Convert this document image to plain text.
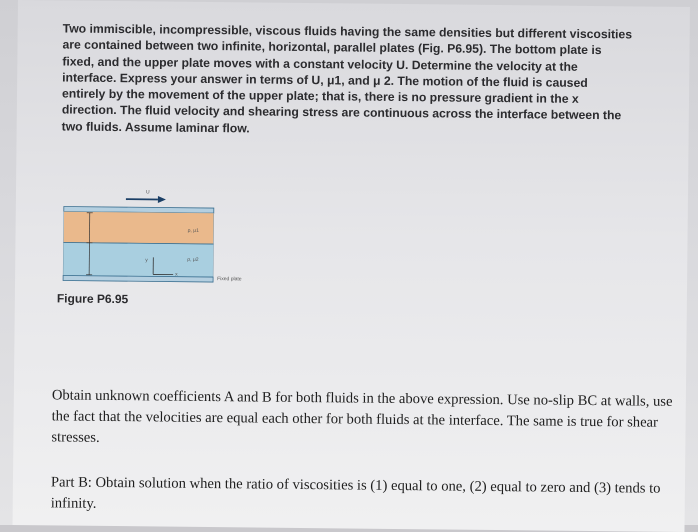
Two immiscible, incompressible, viscous fluids having the same densities but different viscosities are contained between two infinite, horizontal, parallel plates (Fig. P6.95). The bottom plate is fixed, and the upper plate moves with a constant velocity U. Determine the velocity at the interface. Express your answer in terms of U, μ1, and μ 2. The motion of the fluid is caused entirely by the movement of the upper plate; that is, there is no pressure gradient in the x direction. The fluid velocity and shearing stress are continuous across the interface between the two fluids. Assume laminar flow.

U
y
x
ρ, μ1
ρ, μ2
Fixed plate
Figure P6.95

Obtain unknown coefficients A and B for both fluids in the above expression. Use no-slip BC at walls, use the fact that the velocities are equal each other for both fluids at the interface. The same is true for shear stresses.

Part B: Obtain solution when the ratio of viscosities is (1) equal to one, (2) equal to zero and (3) tends to infinity.
